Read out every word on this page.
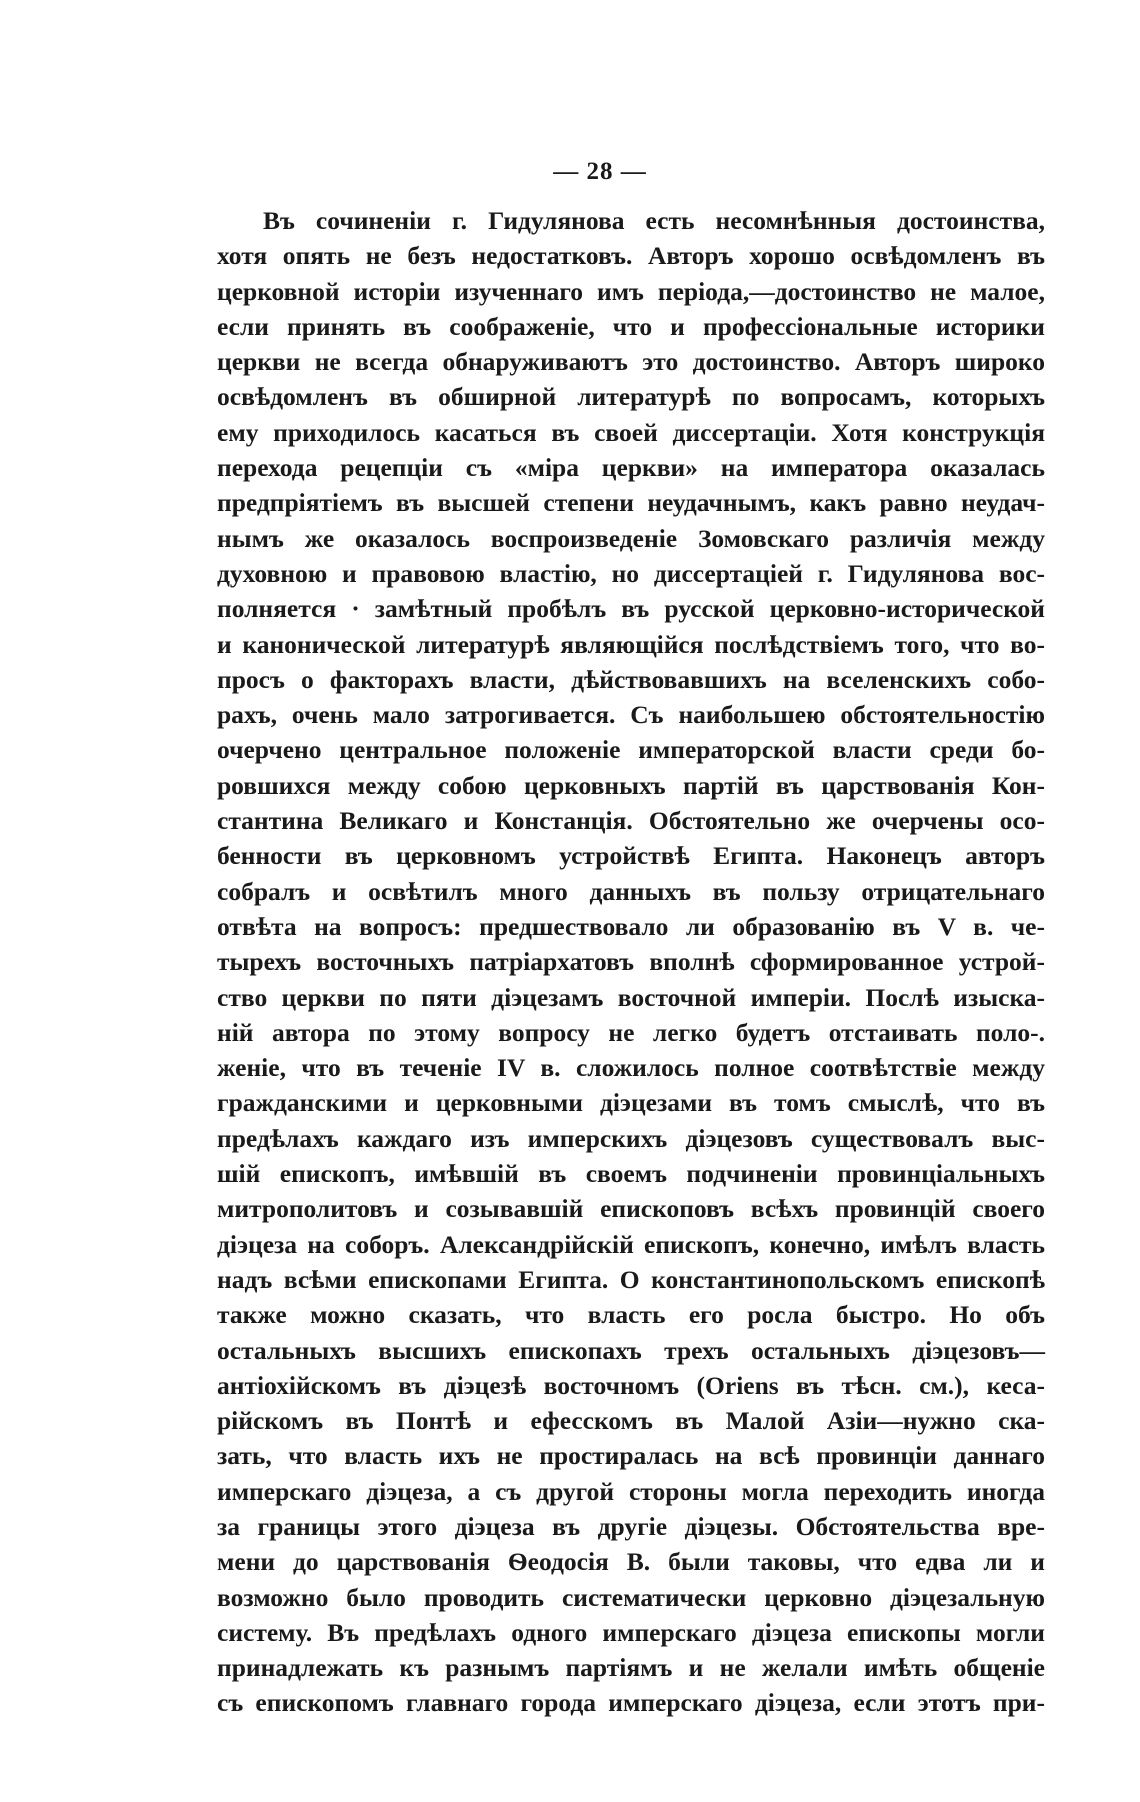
— 28 —
Въ сочиненіи г. Гидулянова есть несомнѣнныя достоинства,
хотя опять не безъ недостатковъ. Авторъ хорошо освѣдомленъ въ
церковной исторіи изученнаго имъ періода,—достоинство не малое,
если принять въ соображеніе, что и профессіональные историки
церкви не всегда обнаруживаютъ это достоинство. Авторъ широко
освѣдомленъ въ обширной литературѣ по вопросамъ, которыхъ
ему приходилось касаться въ своей диссертаціи. Хотя конструкція
перехода рецепціи съ «міра церкви» на императора оказалась
предпріятіемъ въ высшей степени неудачнымъ, какъ равно неудач-
нымъ же оказалось воспроизведеніе Зомовскаго различія между
духовною и правовою властію, но диссертаціей г. Гидулянова вос-
полняется · замѣтный пробѣлъ въ русской церковно-исторической
и канонической литературѣ являющійся послѣдствіемъ того, что во-
просъ о факторахъ власти, дѣйствовавшихъ на вселенскихъ собо-
рахъ, очень мало затрогивается. Съ наибольшею обстоятельностію
очерчено центральное положеніе императорской власти среди бо-
ровшихся между собою церковныхъ партій въ царствованія Кон-
стантина Великаго и Констанція. Обстоятельно же очерчены осо-
бенности въ церковномъ устройствѣ Египта. Наконецъ авторъ
собралъ и освѣтилъ много данныхъ въ пользу отрицательнаго
отвѣта на вопросъ: предшествовало ли образованію въ V в. че-
тырехъ восточныхъ патріархатовъ вполнѣ сформированное устрой-
ство церкви по пяти діэцезамъ восточной имперіи. Послѣ изыска-
ній автора по этому вопросу не легко будетъ отстаивать поло-.
женіе, что въ теченіе IV в. сложилось полное соотвѣтствіе между
гражданскими и церковными діэцезами въ томъ смыслѣ, что въ
предѣлахъ каждаго изъ имперскихъ діэцезовъ существовалъ выс-
шій епископъ, имѣвшій въ своемъ подчиненіи провинціальныхъ
митрополитовъ и созывавшій епископовъ всѣхъ провинцій своего
діэцеза на соборъ. Александрійскій епископъ, конечно, имѣлъ власть
надъ всѣми епископами Египта. О константинопольскомъ епископѣ
также можно сказать, что власть его росла быстро. Но объ
остальныхъ высшихъ епископахъ трехъ остальныхъ діэцезовъ—
антіохійскомъ въ діэцезѣ восточномъ (Oriens въ тѣсн. см.), кеса-
рійскомъ въ Понтѣ и ефесскомъ въ Малой Азіи—нужно ска-
зать, что власть ихъ не простиралась на всѣ провинціи даннаго
имперскаго діэцеза, а съ другой стороны могла переходить иногда
за границы этого діэцеза въ другіе діэцезы. Обстоятельства вре-
мени до царствованія Ѳеодосія В. были таковы, что едва ли и
возможно было проводить систематически церковно діэцезальную
систему. Въ предѣлахъ одного имперскаго діэцеза епископы могли
принадлежать къ разнымъ партіямъ и не желали имѣть общеніе
съ епископомъ главнаго города имперскаго діэцеза, если этотъ при-
